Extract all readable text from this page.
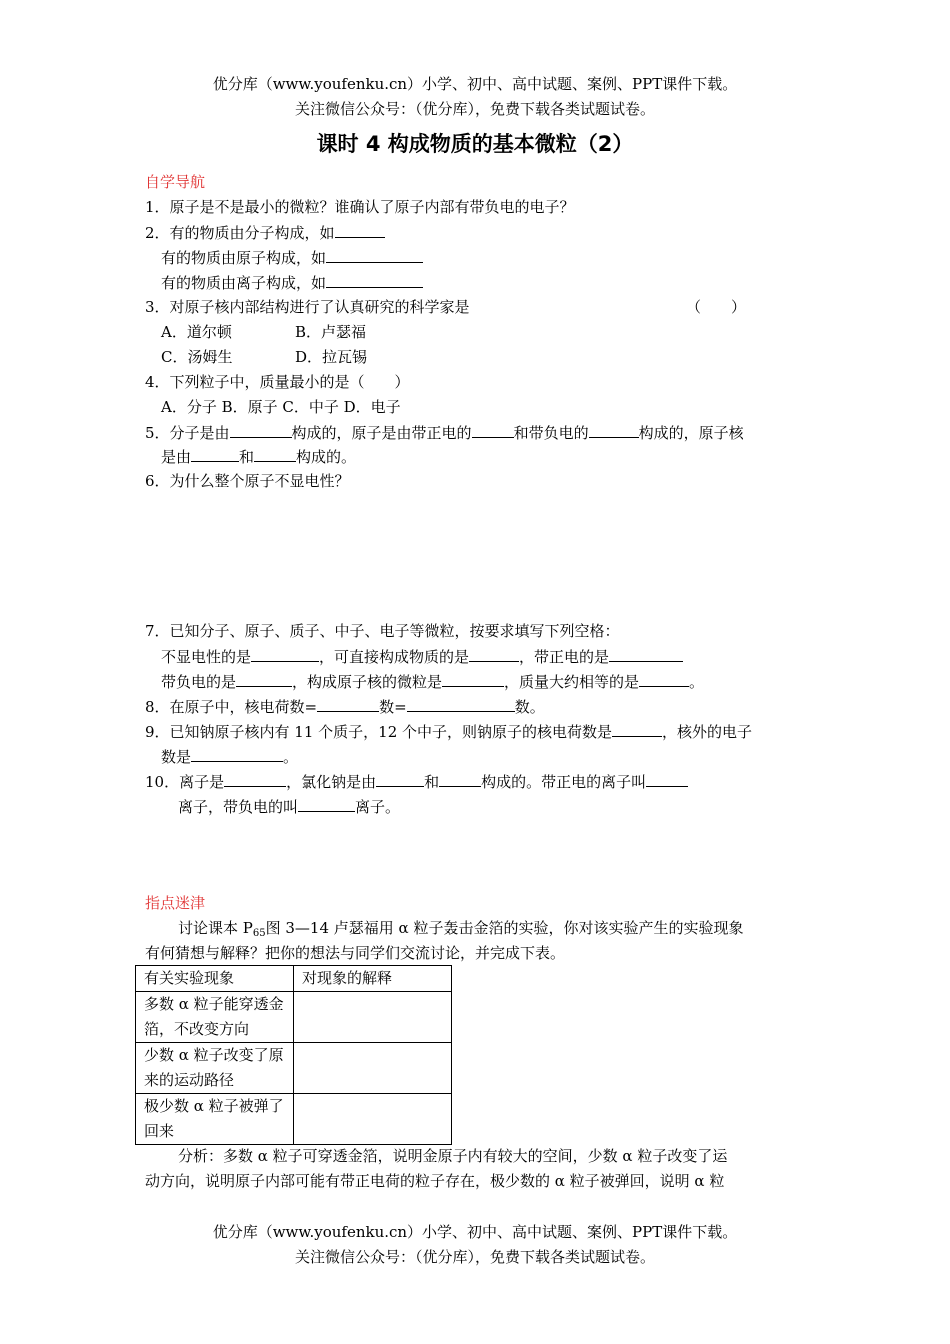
优分库（www.youfenku.cn）小学、初中、高中试题、案例、PPT课件下载。
关注微信公众号：（优分库），免费下载各类试题试卷。
课时 4 构成物质的基本微粒（2）
自学导航
1．原子是不是最小的微粒？谁确认了原子内部有带负电的电子？
2．有的物质由分子构成，如
有的物质由原子构成，如
有的物质由离子构成，如
3．对原子核内部结构进行了认真研究的科学家是	（　　）
A．道尔顿	B．卢瑟福
C．汤姆生	D．拉瓦锡
4．下列粒子中，质量最小的是（　　）
A．分子 B．原子 C．中子 D．电子
5．分子是由	构成的，原子是由带正电的	和带负电的	构成的，原子核
是由	和	构成的。
6．为什么整个原子不显电性？
7．已知分子、原子、质子、中子、电子等微粒，按要求填写下列空格：
不显电性的是	，可直接构成物质的是	，带正电的是
带负电的是	，构成原子核的微粒是	，质量大约相等的是	。
8．在原子中，核电荷数=	数=	数。
9．已知钠原子核内有 11 个质子，12 个中子，则钠原子的核电荷数是	，核外的电子
数是	。
10．离子是	，氯化钠是由	和	构成的。带正电的离子叫
离子，带负电的叫	离子。
指点迷津
讨论课本 $P_{65}$图 3—14 卢瑟福用 α 粒子轰击金箔的实验，你对该实验产生的实验现象
有何猜想与解释？把你的想法与同学们交流讨论，并完成下表。
有关实验现象	对现象的解释
多数 α 粒子能穿透金箔，不改变方向	
少数 α 粒子改变了原来的运动路径	
极少数 α 粒子被弹了回来	
分析：多数 α 粒子可穿透金箔，说明金原子内有较大的空间，少数 α 粒子改变了运
动方向，说明原子内部可能有带正电荷的粒子存在，极少数的 α 粒子被弹回，说明 α 粒
优分库（www.youfenku.cn）小学、初中、高中试题、案例、PPT课件下载。
关注微信公众号：（优分库），免费下载各类试题试卷。
